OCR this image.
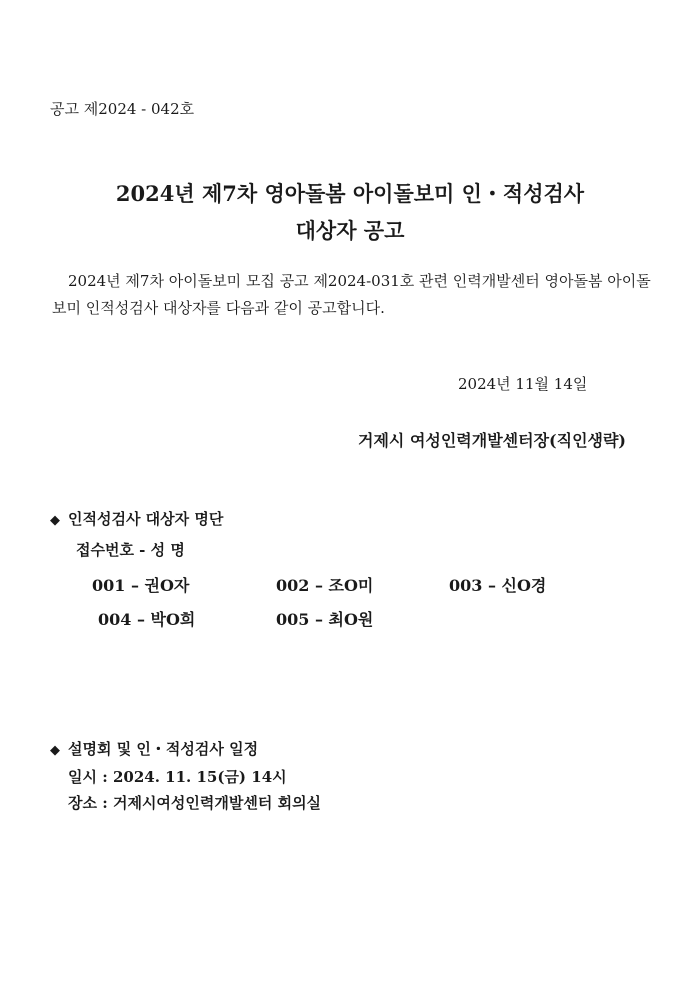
공고 제2024 - 042호
2024년 제7차 영아돌봄 아이돌보미 인・적성검사
대상자 공고
2024년 제7차 아이돌보미 모집 공고 제2024-031호 관련 인력개발센터 영아돌봄 아이돌보미 인적성검사 대상자를 다음과 같이 공고합니다.
2024년 11월 14일
거제시 여성인력개발센터장(직인생략)
◆ 인적성검사 대상자 명단
접수번호 - 성 명
001 – 권O자	002 – 조O미	003 – 신O경
004 – 박O희	005 – 최O원
◆ 설명회 및 인・적성검사 일정
일시 : 2024. 11. 15(금) 14시
장소 : 거제시여성인력개발센터 회의실
